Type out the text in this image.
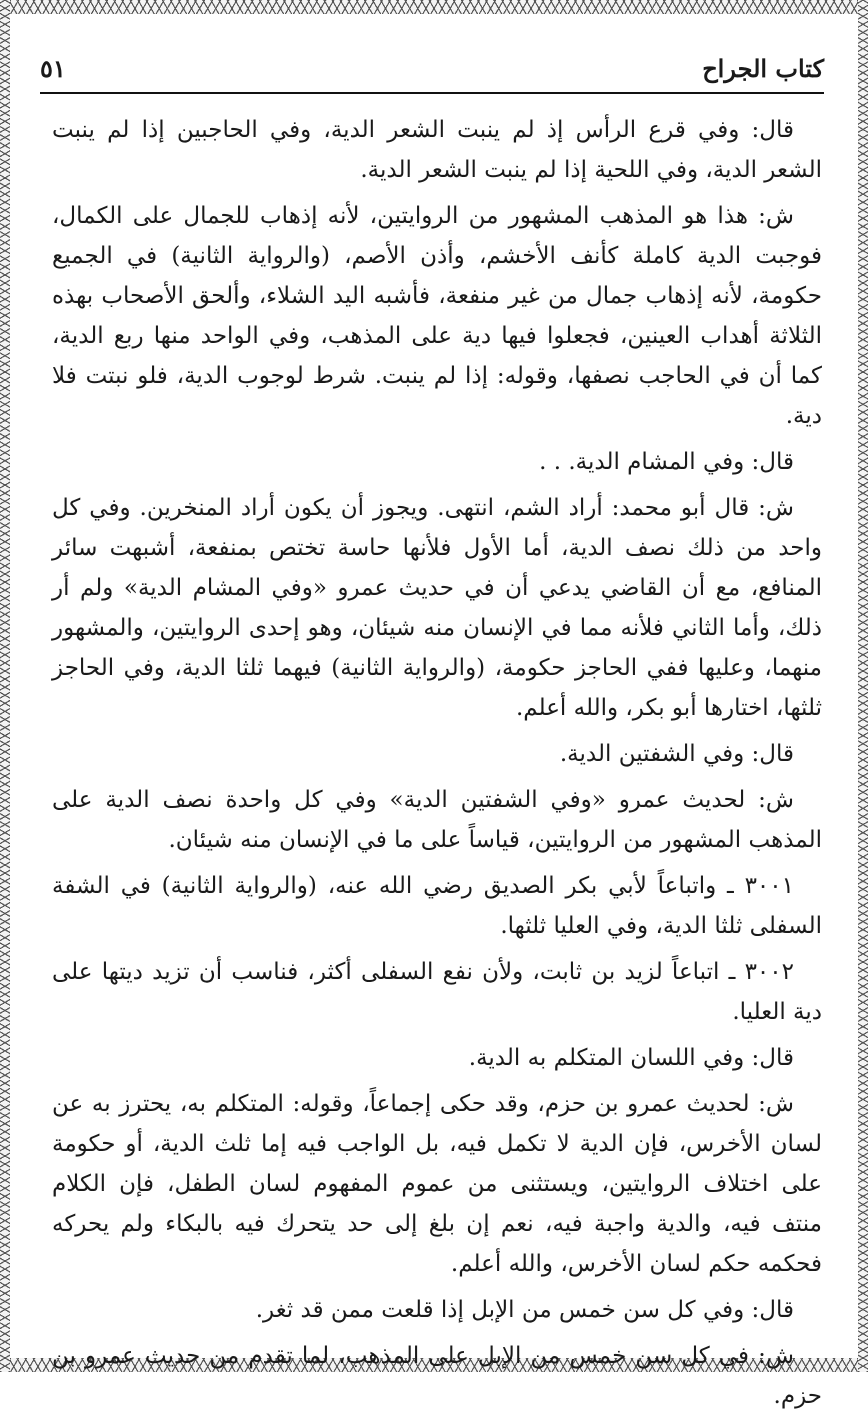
كتاب الجراح
٥١

قال: وفي قرع الرأس إذ لم ينبت الشعر الدية، وفي الحاجبين إذا لم ينبت الشعر الدية، وفي اللحية إذا لم ينبت الشعر الدية.

ش: هذا هو المذهب المشهور من الروايتين، لأنه إذهاب للجمال على الكمال، فوجبت الدية كاملة كأنف الأخشم، وأذن الأصم، (والرواية الثانية) في الجميع حكومة، لأنه إذهاب جمال من غير منفعة، فأشبه اليد الشلاء، وألحق الأصحاب بهذه الثلاثة أهداب العينين، فجعلوا فيها دية على المذهب، وفي الواحد منها ربع الدية، كما أن في الحاجب نصفها، وقوله: إذا لم ينبت. شرط لوجوب الدية، فلو نبتت فلا دية.

قال: وفي المشام الدية. . .

ش: قال أبو محمد: أراد الشم، انتهى. ويجوز أن يكون أراد المنخرين. وفي كل واحد من ذلك نصف الدية، أما الأول فلأنها حاسة تختص بمنفعة، أشبهت سائر المنافع، مع أن القاضي يدعي أن في حديث عمرو «وفي المشام الدية» ولم أر ذلك، وأما الثاني فلأنه مما في الإنسان منه شيئان، وهو إحدى الروايتين، والمشهور منهما، وعليها ففي الحاجز حكومة، (والرواية الثانية) فيهما ثلثا الدية، وفي الحاجز ثلثها، اختارها أبو بكر، والله أعلم.

قال: وفي الشفتين الدية.

ش: لحديث عمرو «وفي الشفتين الدية» وفي كل واحدة نصف الدية على المذهب المشهور من الروايتين، قياساً على ما في الإنسان منه شيئان.

٣٠٠١ ـ واتباعاً لأبي بكر الصديق رضي الله عنه، (والرواية الثانية) في الشفة السفلى ثلثا الدية، وفي العليا ثلثها.

٣٠٠٢ ـ اتباعاً لزيد بن ثابت، ولأن نفع السفلى أكثر، فناسب أن تزيد ديتها على دية العليا.

قال: وفي اللسان المتكلم به الدية.

ش: لحديث عمرو بن حزم، وقد حكى إجماعاً، وقوله: المتكلم به، يحترز به عن لسان الأخرس، فإن الدية لا تكمل فيه، بل الواجب فيه إما ثلث الدية، أو حكومة على اختلاف الروايتين، ويستثنى من عموم المفهوم لسان الطفل، فإن الكلام منتف فيه، والدية واجبة فيه، نعم إن بلغ إلى حد يتحرك فيه بالبكاء ولم يحركه فحكمه حكم لسان الأخرس، والله أعلم.

قال: وفي كل سن خمس من الإبل إذا قلعت ممن قد ثغر.

ش: في كل سن خمس من الإبل على المذهب، لما تقدم من حديث عمرو بن حزم.
